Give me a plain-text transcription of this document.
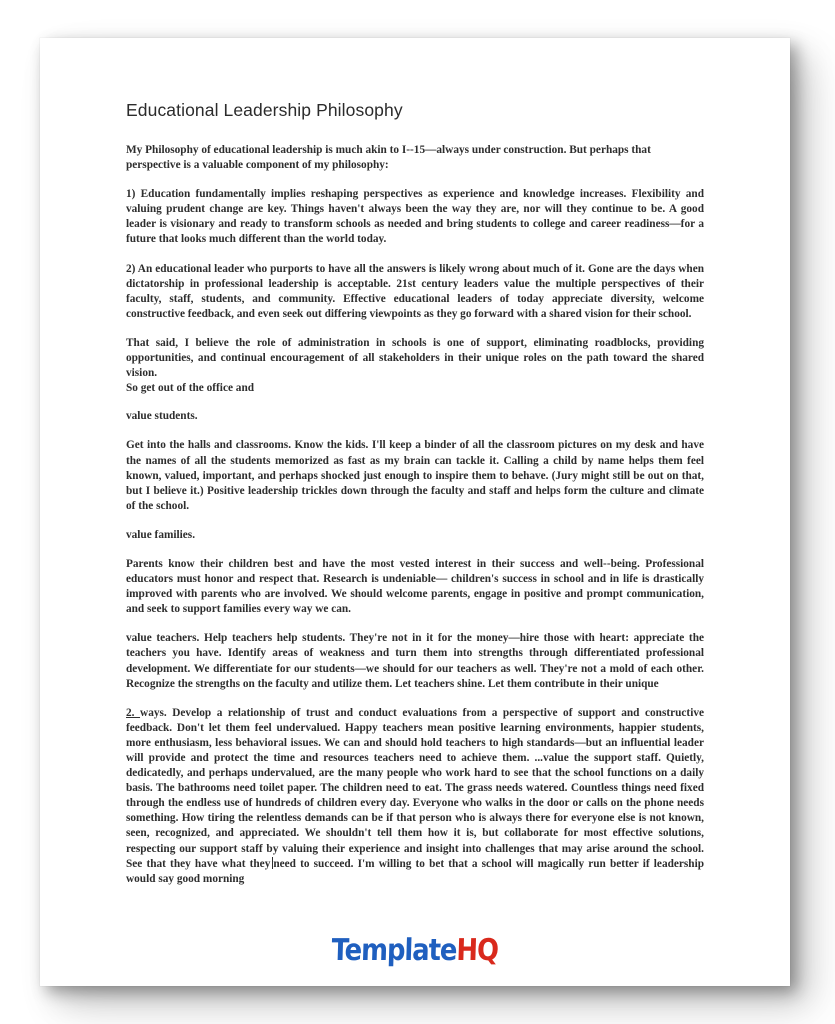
Educational Leadership Philosophy

My Philosophy of educational leadership is much akin to I--15—always under construction. But perhaps that perspective is a valuable component of my philosophy:

1) Education fundamentally implies reshaping perspectives as experience and knowledge increases. Flexibility and valuing prudent change are key. Things haven't always been the way they are, nor will they continue to be. A good leader is visionary and ready to transform schools as needed and bring students to college and career readiness—for a future that looks much different than the world today.

2) An educational leader who purports to have all the answers is likely wrong about much of it. Gone are the days when dictatorship in professional leadership is acceptable. 21st century leaders value the multiple perspectives of their faculty, staff, students, and community. Effective educational leaders of today appreciate diversity, welcome constructive feedback, and even seek out differing viewpoints as they go forward with a shared vision for their school.

That said, I believe the role of administration in schools is one of support, eliminating roadblocks, providing opportunities, and continual encouragement of all stakeholders in their unique roles on the path toward the shared vision.

So get out of the office and

value students.

Get into the halls and classrooms. Know the kids. I'll keep a binder of all the classroom pictures on my desk and have the names of all the students memorized as fast as my brain can tackle it. Calling a child by name helps them feel known, valued, important, and perhaps shocked just enough to inspire them to behave. (Jury might still be out on that, but I believe it.) Positive leadership trickles down through the faculty and staff and helps form the culture and climate of the school.

value families.

Parents know their children best and have the most vested interest in their success and well--being. Professional educators must honor and respect that. Research is undeniable— children's success in school and in life is drastically improved with parents who are involved. We should welcome parents, engage in positive and prompt communication, and seek to support families every way we can.

value teachers. Help teachers help students. They're not in it for the money—hire those with heart: appreciate the teachers you have. Identify areas of weakness and turn them into strengths through differentiated professional development. We differentiate for our students—we should for our teachers as well. They're not a mold of each other. Recognize the strengths on the faculty and utilize them. Let teachers shine. Let them contribute in their unique

2. ways. Develop a relationship of trust and conduct evaluations from a perspective of support and constructive feedback. Don't let them feel undervalued. Happy teachers mean positive learning environments, happier students, more enthusiasm, less behavioral issues. We can and should hold teachers to high standards—but an influential leader will provide and protect the time and resources teachers need to achieve them. ...value the support staff. Quietly, dedicatedly, and perhaps undervalued, are the many people who work hard to see that the school functions on a daily basis. The bathrooms need toilet paper. The children need to eat. The grass needs watered. Countless things need fixed through the endless use of hundreds of children every day. Everyone who walks in the door or calls on the phone needs something. How tiring the relentless demands can be if that person who is always there for everyone else is not known, seen, recognized, and appreciated. We shouldn't tell them how it is, but collaborate for most effective solutions, respecting our support staff by valuing their experience and insight into challenges that may arise around the school. See that they have what they need to succeed. I'm willing to bet that a school will magically run better if leadership would say good morning

TemplateHQ
